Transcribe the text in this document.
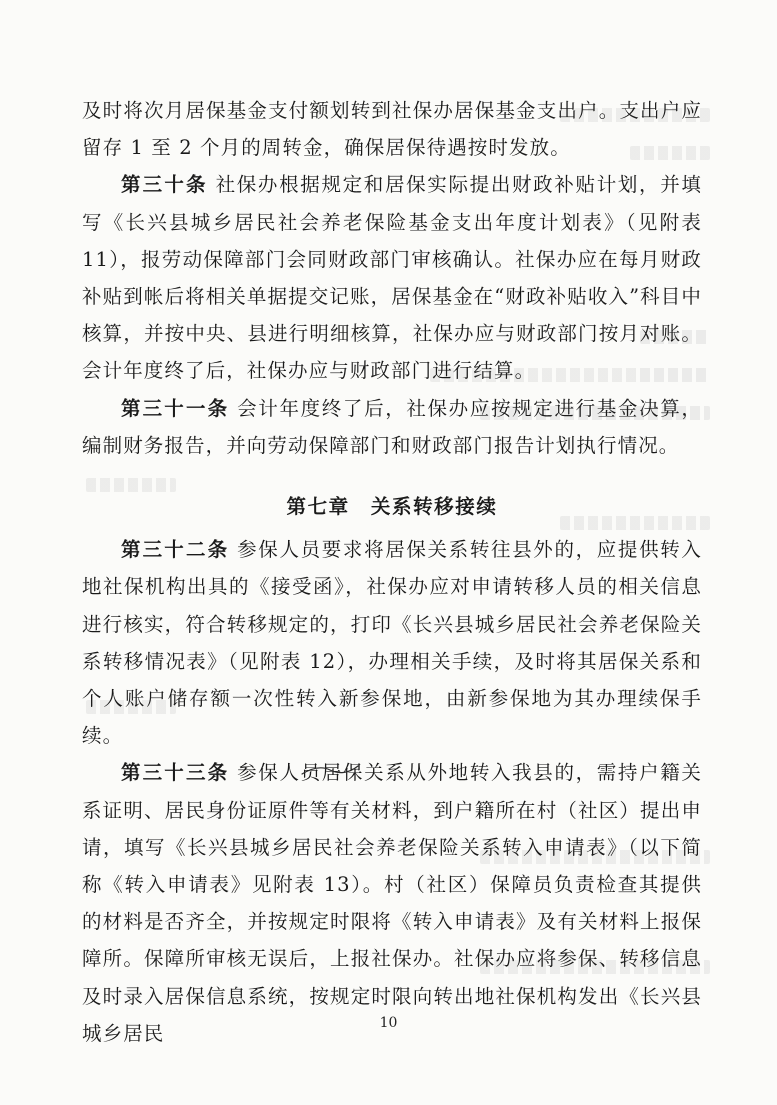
及时将次月居保基金支付额划转到社保办居保基金支出户。支出户应留存 1 至 2 个月的周转金，确保居保待遇按时发放。

第三十条 社保办根据规定和居保实际提出财政补贴计划，并填写《长兴县城乡居民社会养老保险基金支出年度计划表》（见附表 11），报劳动保障部门会同财政部门审核确认。社保办应在每月财政补贴到帐后将相关单据提交记账，居保基金在“财政补贴收入”科目中核算，并按中央、县进行明细核算，社保办应与财政部门按月对账。会计年度终了后，社保办应与财政部门进行结算。

第三十一条 会计年度终了后，社保办应按规定进行基金决算，编制财务报告，并向劳动保障部门和财政部门报告计划执行情况。

第七章　关系转移接续

第三十二条 参保人员要求将居保关系转往县外的，应提供转入地社保机构出具的《接受函》，社保办应对申请转移人员的相关信息进行核实，符合转移规定的，打印《长兴县城乡居民社会养老保险关系转移情况表》（见附表 12），办理相关手续，及时将其居保关系和个人账户储存额一次性转入新参保地，由新参保地为其办理续保手续。

第三十三条 参保人员居保关系从外地转入我县的，需持户籍关系证明、居民身份证原件等有关材料，到户籍所在村（社区）提出申请，填写《长兴县城乡居民社会养老保险关系转入申请表》（以下简称《转入申请表》见附表 13）。村（社区）保障员负责检查其提供的材料是否齐全，并按规定时限将《转入申请表》及有关材料上报保障所。保障所审核无误后，上报社保办。社保办应将参保、转移信息及时录入居保信息系统，按规定时限向转出地社保机构发出《长兴县城乡居民	10
